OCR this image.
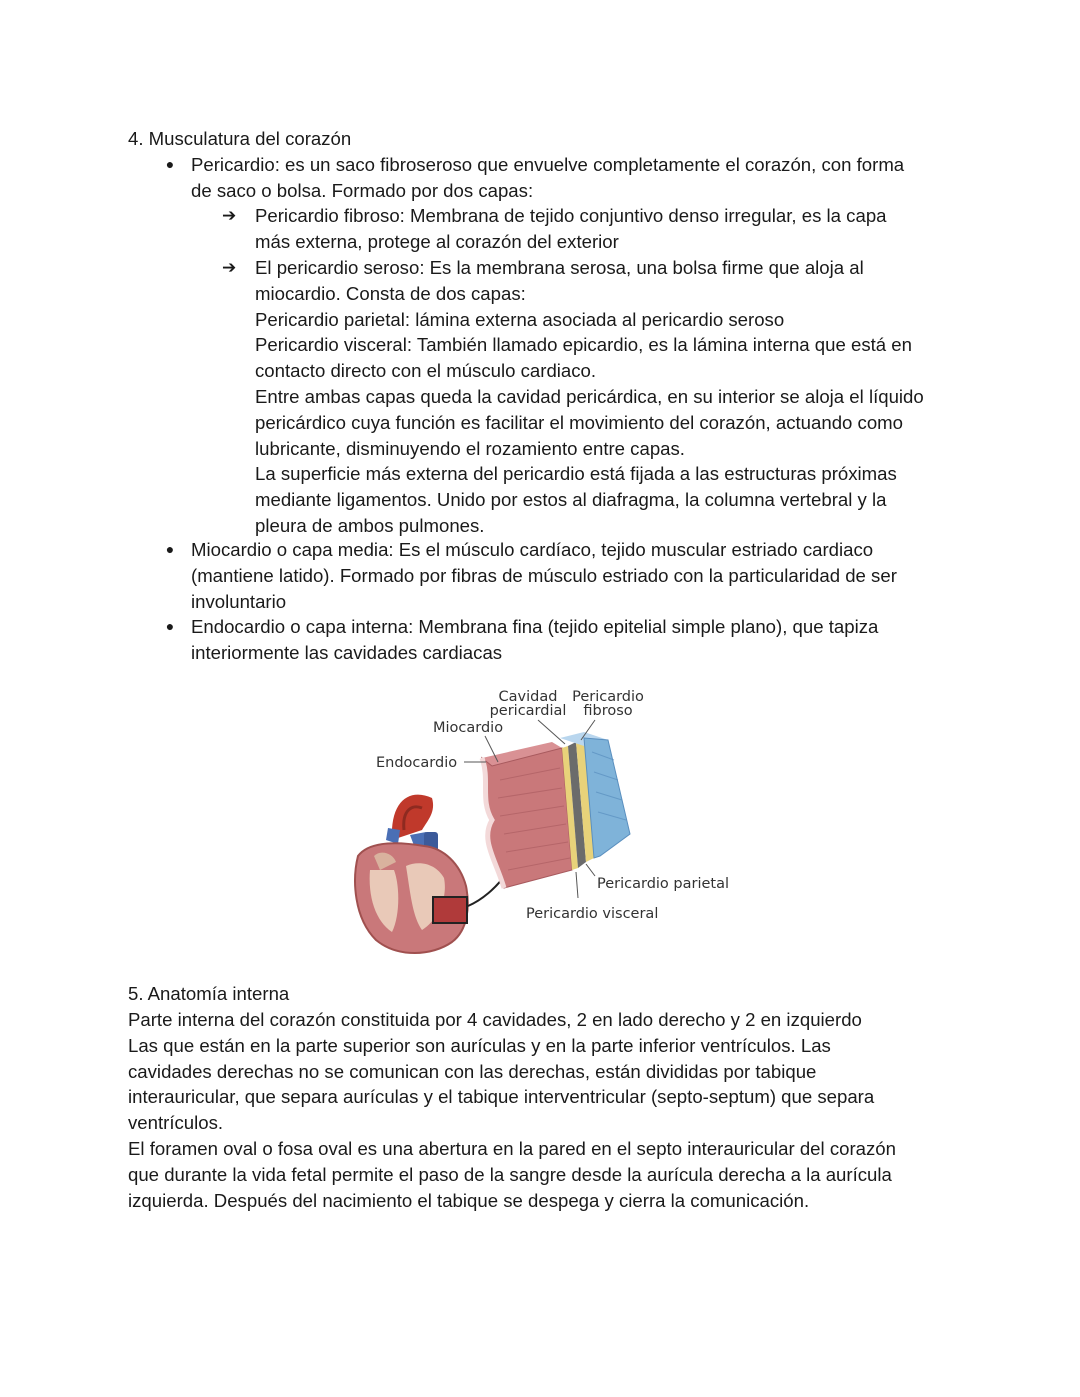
4. Musculatura del corazón
● Pericardio: es un saco fibroseroso que envuelve completamente el corazón, con forma
de saco o bolsa. Formado por dos capas:
➔	Pericardio fibroso: Membrana de tejido conjuntivo denso irregular, es la capa
más externa, protege al corazón del exterior
➔	El pericardio seroso: Es la membrana serosa, una bolsa firme que aloja al
miocardio. Consta de dos capas:
Pericardio parietal: lámina externa asociada al pericardio seroso
Pericardio visceral: También llamado epicardio, es la lámina interna que está en
contacto directo con el músculo cardiaco.
Entre ambas capas queda la cavidad pericárdica, en su interior se aloja el líquido
pericárdico cuya función es facilitar el movimiento del corazón, actuando como
lubricante, disminuyendo el rozamiento entre capas.
La superficie más externa del pericardio está fijada a las estructuras próximas
mediante ligamentos. Unido por estos al diafragma, la columna vertebral y la
pleura de ambos pulmones.
● Miocardio o capa media: Es el músculo cardíaco, tejido muscular estriado cardiaco
(mantiene latido). Formado por fibras de músculo estriado con la particularidad de ser
involuntario
● Endocardio o capa interna: Membrana fina (tejido epitelial simple plano), que tapiza
interiormente las cavidades cardiacas
Cavidad
pericardial
Pericardio
fibroso
Miocardio
Endocardio
Pericardio parietal
Pericardio visceral
5. Anatomía interna
Parte interna del corazón constituida por 4 cavidades, 2 en lado derecho y 2 en izquierdo
Las que están en la parte superior son aurículas y en la parte inferior ventrículos. Las
cavidades derechas no se comunican con las derechas, están divididas por tabique
interauricular, que separa aurículas y el tabique interventricular (septo-septum) que separa
ventrículos.
El foramen oval o fosa oval es una abertura en la pared en el septo interauricular del corazón
que durante la vida fetal permite el paso de la sangre desde la aurícula derecha a la aurícula
izquierda. Después del nacimiento el tabique se despega y cierra la comunicación.
